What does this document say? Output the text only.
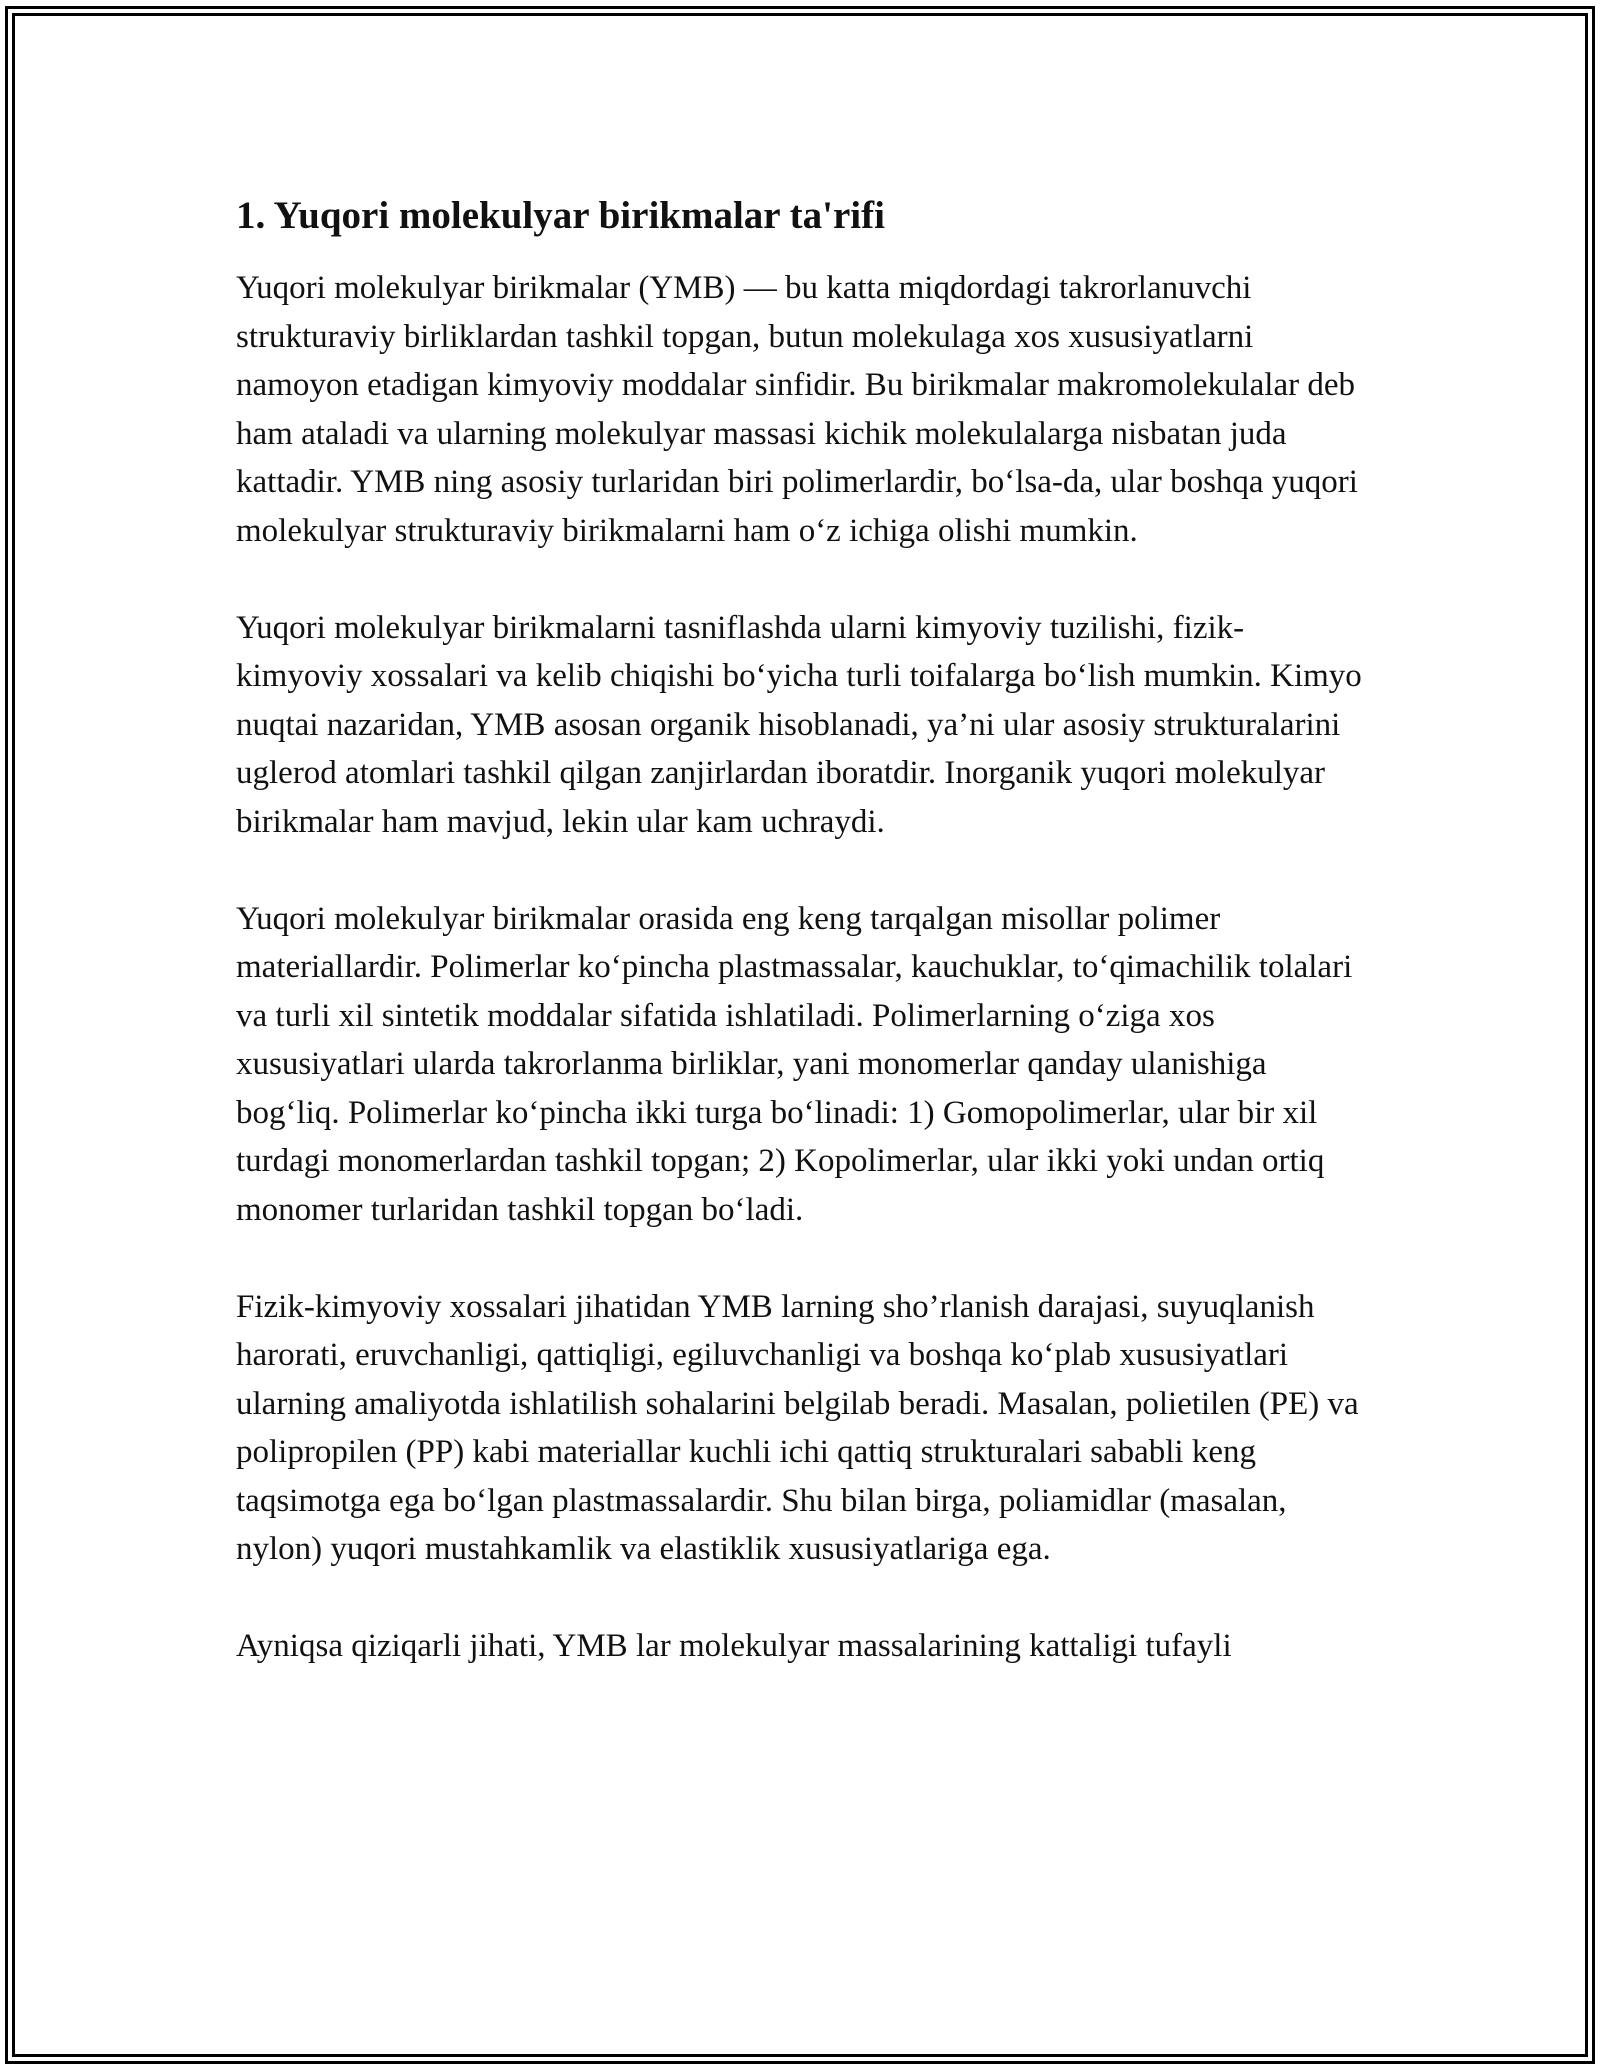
1. Yuqori molekulyar birikmalar ta'rifi

Yuqori molekulyar birikmalar (YMB) — bu katta miqdordagi takrorlanuvchi strukturaviy birliklardan tashkil topgan, butun molekulaga xos xususiyatlarni namoyon etadigan kimyoviy moddalar sinfidir. Bu birikmalar makromolekulalar deb ham ataladi va ularning molekulyar massasi kichik molekulalarga nisbatan juda kattadir. YMB ning asosiy turlaridan biri polimerlardir, bo‘lsa-da, ular boshqa yuqori molekulyar strukturaviy birikmalarni ham o‘z ichiga olishi mumkin.

Yuqori molekulyar birikmalarni tasniflashda ularni kimyoviy tuzilishi, fizik-kimyoviy xossalari va kelib chiqishi bo‘yicha turli toifalarga bo‘lish mumkin. Kimyo nuqtai nazaridan, YMB asosan organik hisoblanadi, ya’ni ular asosiy strukturalarini uglerod atomlari tashkil qilgan zanjirlardan iboratdir. Inorganik yuqori molekulyar birikmalar ham mavjud, lekin ular kam uchraydi.

Yuqori molekulyar birikmalar orasida eng keng tarqalgan misollar polimer materiallardir. Polimerlar ko‘pincha plastmassalar, kauchuklar, to‘qimachilik tolalari va turli xil sintetik moddalar sifatida ishlatiladi. Polimerlarning o‘ziga xos xususiyatlari ularda takrorlanma birliklar, yani monomerlar qanday ulanishiga bog‘liq. Polimerlar ko‘pincha ikki turga bo‘linadi: 1) Gomopolimerlar, ular bir xil turdagi monomerlardan tashkil topgan; 2) Kopolimerlar, ular ikki yoki undan ortiq monomer turlaridan tashkil topgan bo‘ladi.

Fizik-kimyoviy xossalari jihatidan YMB larning sho’rlanish darajasi, suyuqlanish harorati, eruvchanligi, qattiqligi, egiluvchanligi va boshqa ko‘plab xususiyatlari ularning amaliyotda ishlatilish sohalarini belgilab beradi. Masalan, polietilen (PE) va polipropilen (PP) kabi materiallar kuchli ichi qattiq strukturalari sababli keng taqsimotga ega bo‘lgan plastmassalardir. Shu bilan birga, poliamidlar (masalan, nylon) yuqori mustahkamlik va elastiklik xususiyatlariga ega.

Ayniqsa qiziqarli jihati, YMB lar molekulyar massalarining kattaligi tufayli
